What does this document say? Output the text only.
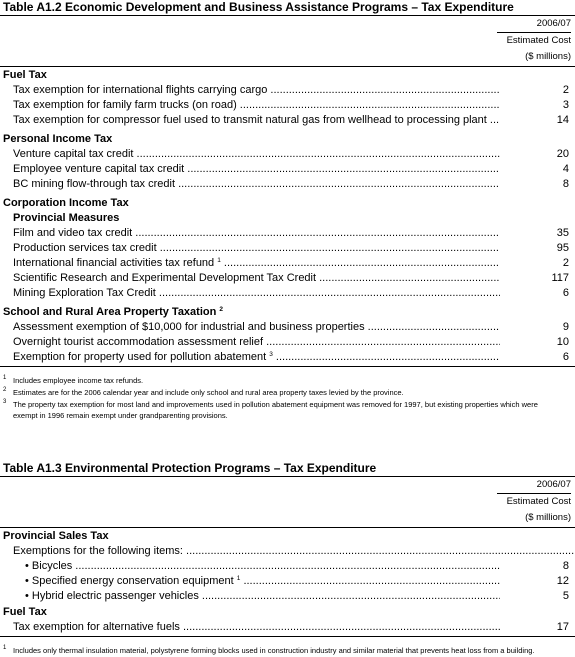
Table A1.2 Economic Development and Business Assistance Programs – Tax Expenditure
2006/07
Estimated Cost
($ millions)
Fuel Tax
Tax exemption for international flights carrying cargo .....	2
Tax exemption for family farm trucks (on road) .....	3
Tax exemption for compressor fuel used to transmit natural gas from wellhead to processing plant .....	14
Personal Income Tax
Venture capital tax credit .....	20
Employee venture capital tax credit .....	4
BC mining flow-through tax credit .....	8
Corporation Income Tax
Provincial Measures
Film and video tax credit .....	35
Production services tax credit .....	95
International financial activities tax refund $^1$ .....	2
Scientific Research and Experimental Development Tax Credit .....	117
Mining Exploration Tax Credit .....	6
School and Rural Area Property Taxation $^2$
Assessment exemption of $10,000 for industrial and business properties .....	9
Overnight tourist accommodation assessment relief .....	10
Exemption for property used for pollution abatement $^3$ .....	6
1 Includes employee income tax refunds.
2 Estimates are for the 2006 calendar year and include only school and rural area property taxes levied by the province.
3 The property tax exemption for most land and improvements used in pollution abatement equipment was removed for 1997, but existing properties which were exempt in 1996 remain exempt under grandparenting provisions.
Table A1.3 Environmental Protection Programs – Tax Expenditure
2006/07
Estimated Cost
($ millions)
Provincial Sales Tax
Exemptions for the following items: .....
• Bicycles .....	8
• Specified energy conservation equipment $^1$ .....	12
• Hybrid electric passenger vehicles .....	5
Fuel Tax
Tax exemption for alternative fuels .....	17
1 Includes only thermal insulation material, polystyrene forming blocks used in construction industry and similar material that prevents heat loss from a building.
